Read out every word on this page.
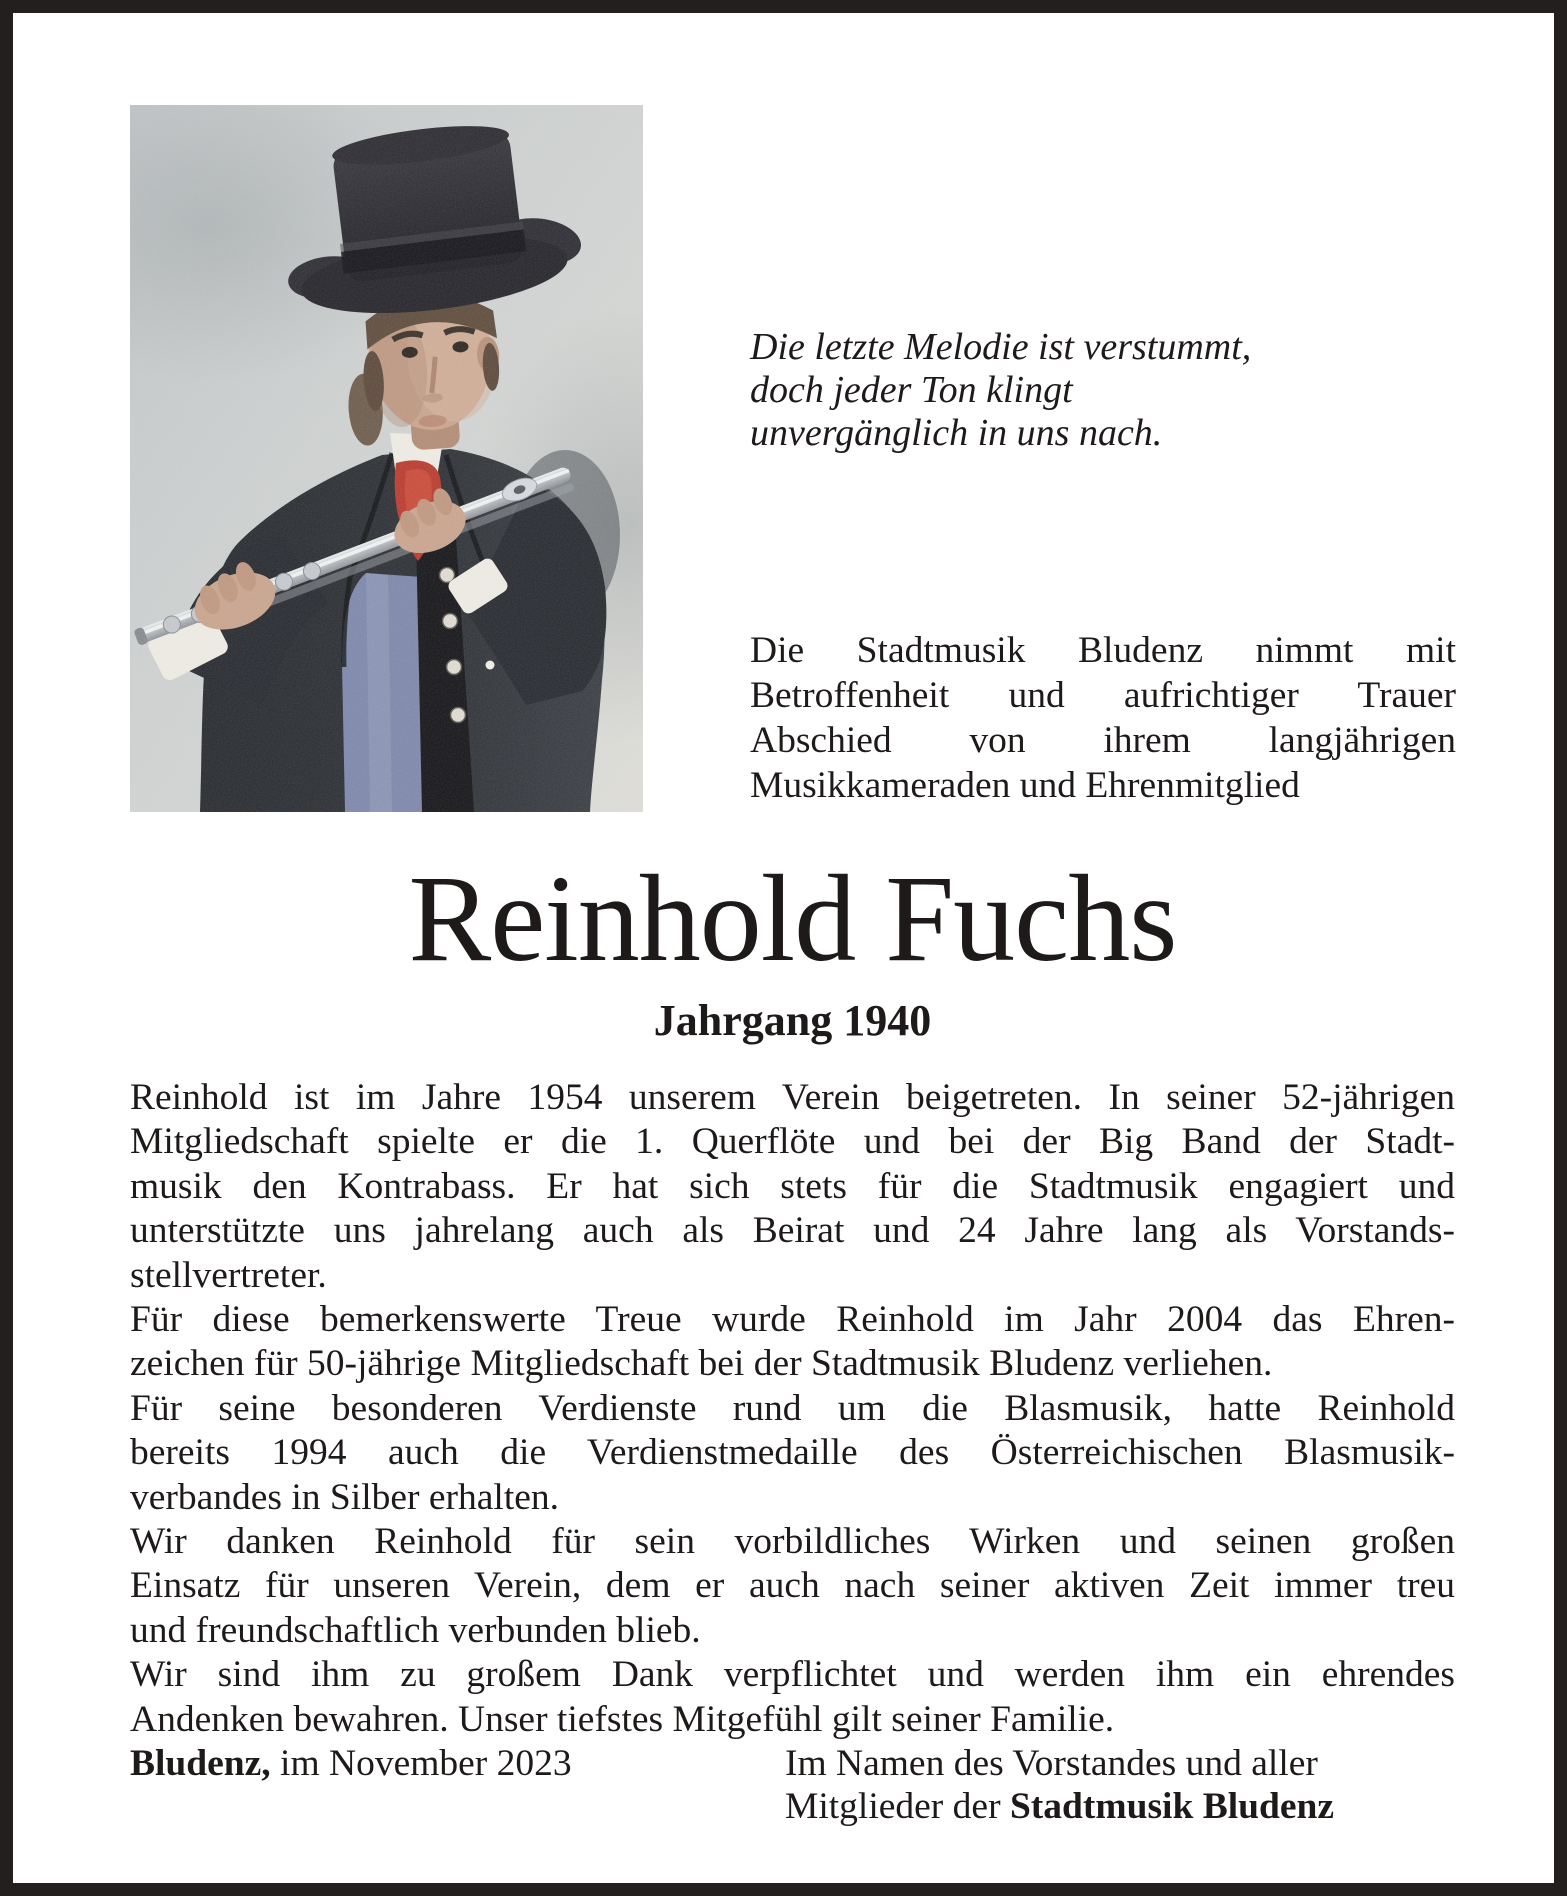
Die letzte Melodie ist verstummt,
doch jeder Ton klingt
unvergänglich in uns nach.
Die Stadtmusik Bludenz nimmt mit
Betroffenheit und aufrichtiger Trauer
Abschied von ihrem langjährigen
Musikkameraden und Ehrenmitglied
Reinhold Fuchs
Jahrgang 1940
Reinhold ist im Jahre 1954 unserem Verein beigetreten. In seiner 52-jährigen
Mitgliedschaft spielte er die 1. Querflöte und bei der Big Band der Stadt-
musik den Kontrabass. Er hat sich stets für die Stadtmusik engagiert und
unterstützte uns jahrelang auch als Beirat und 24 Jahre lang als Vorstands-
stellvertreter.
Für diese bemerkenswerte Treue wurde Reinhold im Jahr 2004 das Ehren-
zeichen für 50-jährige Mitgliedschaft bei der Stadtmusik Bludenz verliehen.
Für seine besonderen Verdienste rund um die Blasmusik, hatte Reinhold
bereits 1994 auch die Verdienstmedaille des Österreichischen Blasmusik-
verbandes in Silber erhalten.
Wir danken Reinhold für sein vorbildliches Wirken und seinen großen
Einsatz für unseren Verein, dem er auch nach seiner aktiven Zeit immer treu
und freundschaftlich verbunden blieb.
Wir sind ihm zu großem Dank verpflichtet und werden ihm ein ehrendes
Andenken bewahren. Unser tiefstes Mitgefühl gilt seiner Familie.
Bludenz, im November 2023	Im Namen des Vorstandes und aller
Mitglieder der Stadtmusik Bludenz
